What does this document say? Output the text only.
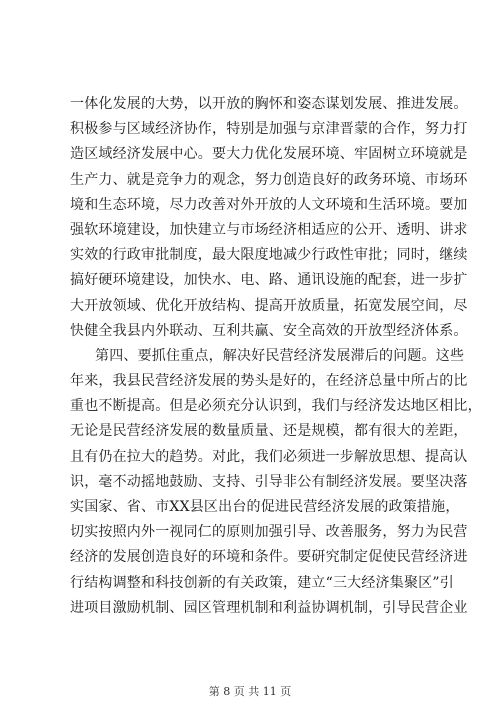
一体化发展的大势，以开放的胸怀和姿态谋划发展、推进发展。
积极参与区域经济协作，特别是加强与京津晋蒙的合作，努力打
造区域经济发展中心。要大力优化发展环境、牢固树立环境就是
生产力、就是竞争力的观念，努力创造良好的政务环境、市场环
境和生态环境，尽力改善对外开放的人文环境和生活环境。要加
强软环境建设，加快建立与市场经济相适应的公开、透明、讲求
实效的行政审批制度，最大限度地减少行政性审批；同时，继续
搞好硬环境建设，加快水、电、路、通讯设施的配套，进一步扩
大开放领域、优化开放结构、提高开放质量，拓宽发展空间，尽
快健全我县内外联动、互利共赢、安全高效的开放型经济体系。
第四、要抓住重点，解决好民营经济发展滞后的问题。这些
年来，我县民营经济发展的势头是好的，在经济总量中所占的比
重也不断提高。但是必须充分认识到，我们与经济发达地区相比，
无论是民营经济发展的数量质量、还是规模，都有很大的差距，
且有仍在拉大的趋势。对此，我们必须进一步解放思想、提高认
识，毫不动摇地鼓励、支持、引导非公有制经济发展。要坚决落
实国家、省、市XX县区出台的促进民营经济发展的政策措施，
切实按照内外一视同仁的原则加强引导、改善服务，努力为民营
经济的发展创造良好的环境和条件。要研究制定促使民营经济进
行结构调整和科技创新的有关政策，建立“三大经济集聚区”引
进项目激励机制、园区管理机制和利益协调机制，引导民营企业
第 8 页 共 11 页
